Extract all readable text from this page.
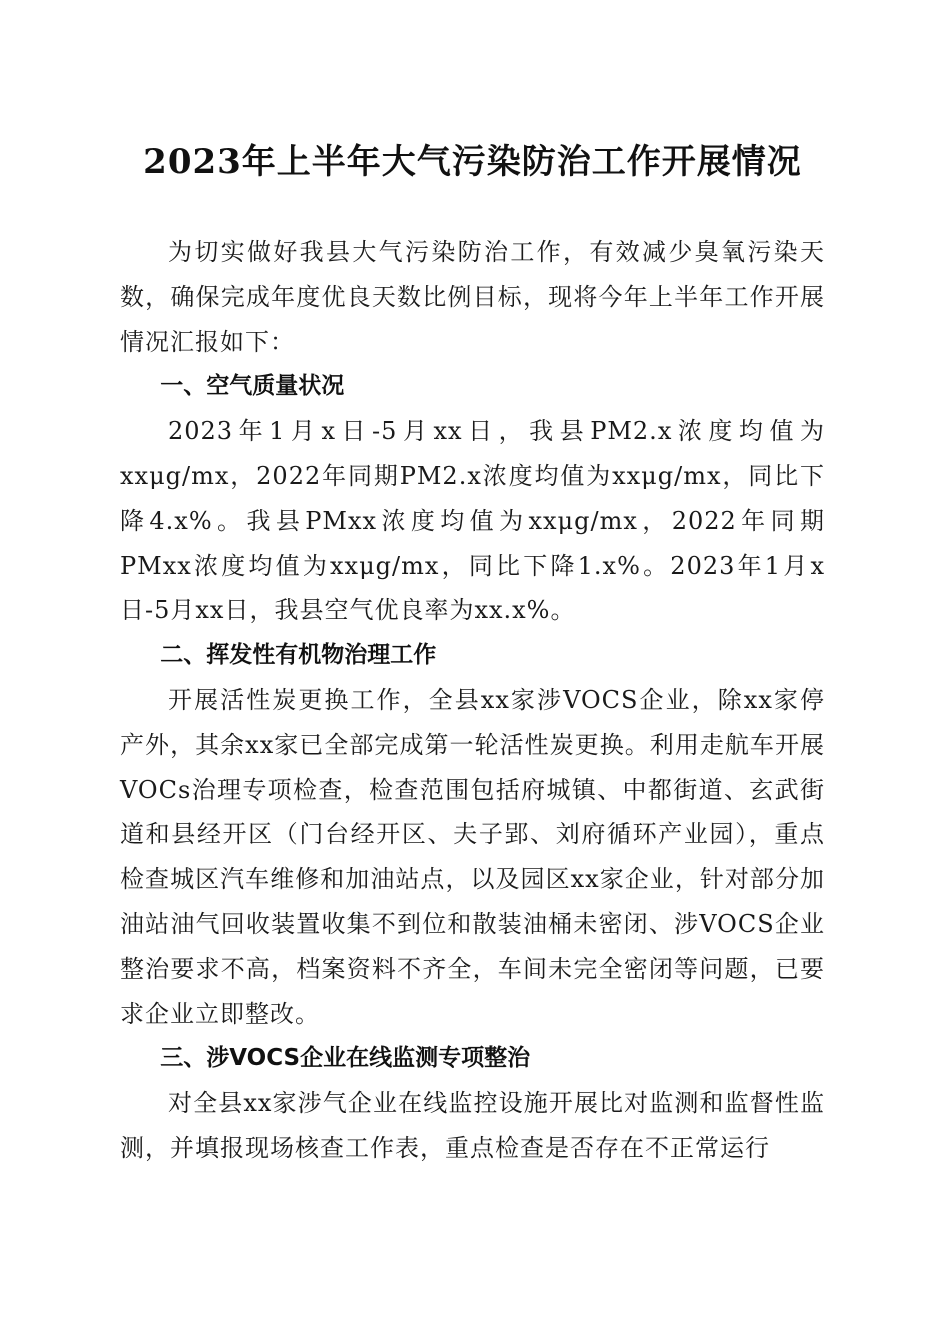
2023年上半年大气污染防治工作开展情况

为切实做好我县大气污染防治工作，有效减少臭氧污染天数，确保完成年度优良天数比例目标，现将今年上半年工作开展情况汇报如下：

一、空气质量状况

2023年1月x日-5月xx日，我县PM2.x浓度均值为xxμg/mx，2022年同期PM2.x浓度均值为xxμg/mx，同比下降4.x%。我县PMxx浓度均值为xxμg/mx，2022年同期PMxx浓度均值为xxμg/mx，同比下降1.x%。2023年1月x日-5月xx日，我县空气优良率为xx.x%。

二、挥发性有机物治理工作

开展活性炭更换工作，全县xx家涉VOCS企业，除xx家停产外，其余xx家已全部完成第一轮活性炭更换。利用走航车开展VOCs治理专项检查，检查范围包括府城镇、中都街道、玄武街道和县经开区（门台经开区、夫子郢、刘府循环产业园），重点检查城区汽车维修和加油站点，以及园区xx家企业，针对部分加油站油气回收装置收集不到位和散装油桶未密闭、涉VOCS企业整治要求不高，档案资料不齐全，车间未完全密闭等问题，已要求企业立即整改。

三、涉VOCS企业在线监测专项整治

对全县xx家涉气企业在线监控设施开展比对监测和监督性监测，并填报现场核查工作表，重点检查是否存在不正常运行
